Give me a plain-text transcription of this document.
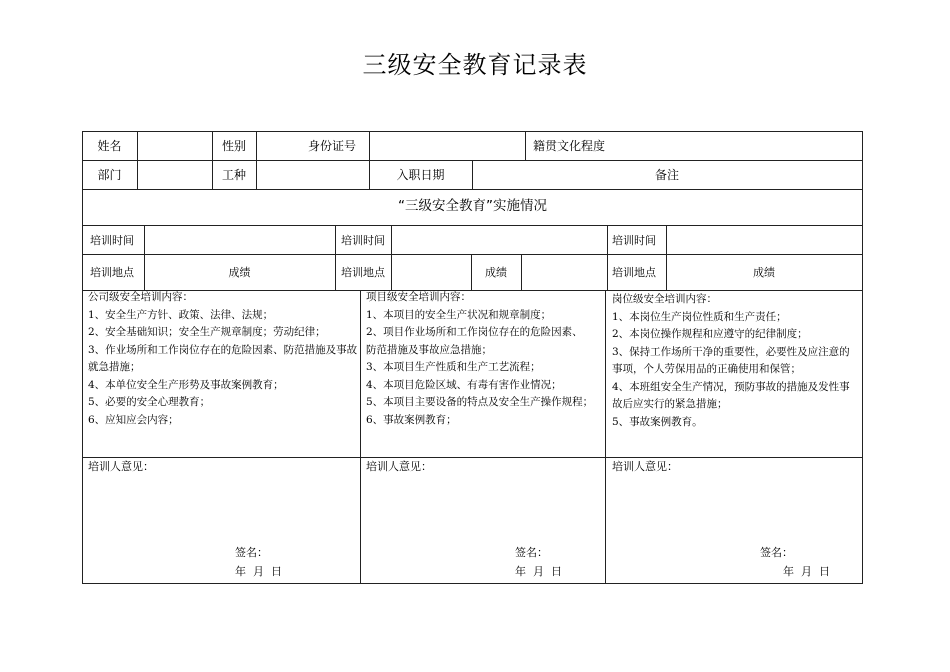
三级安全教育记录表
姓名	性别	身份证号	籍贯文化程度
部门	工种	入职日期	备注
“三级安全教育”实施情况
培训时间	培训时间	培训时间
培训地点	成绩	培训地点	成绩	培训地点	成绩
公司级安全培训内容：
1、安全生产方针、政策、法律、法规；
2、安全基础知识；安全生产规章制度；劳动纪律；
3、作业场所和工作岗位存在的危险因素、防范措施及事故就急措施；
4、本单位安全生产形势及事故案例教育；
5、必要的安全心理教育；
6、应知应会内容；
项目级安全培训内容：
1、本项目的安全生产状况和规章制度；
2、项目作业场所和工作岗位存在的危险因素、
防范措施及事故应急措施；
3、本项目生产性质和生产工艺流程；
4、本项目危险区域、有毒有害作业情况；
5、本项目主要设备的特点及安全生产操作规程；
6、事故案例教育；
岗位级安全培训内容：
1、本岗位生产岗位性质和生产责任；
2、本岗位操作规程和应遵守的纪律制度；
3、保持工作场所干净的重要性，必要性及应注意的事项，个人劳保用品的正确使用和保管；
4、本班组安全生产情况，预防事故的措施及发性事故后应实行的紧急措施；
5、事故案例教育。
培训人意见：	培训人意见：	培训人意见：
签名：
年  月  日
签名：
年  月  日
签名：
年  月  日
